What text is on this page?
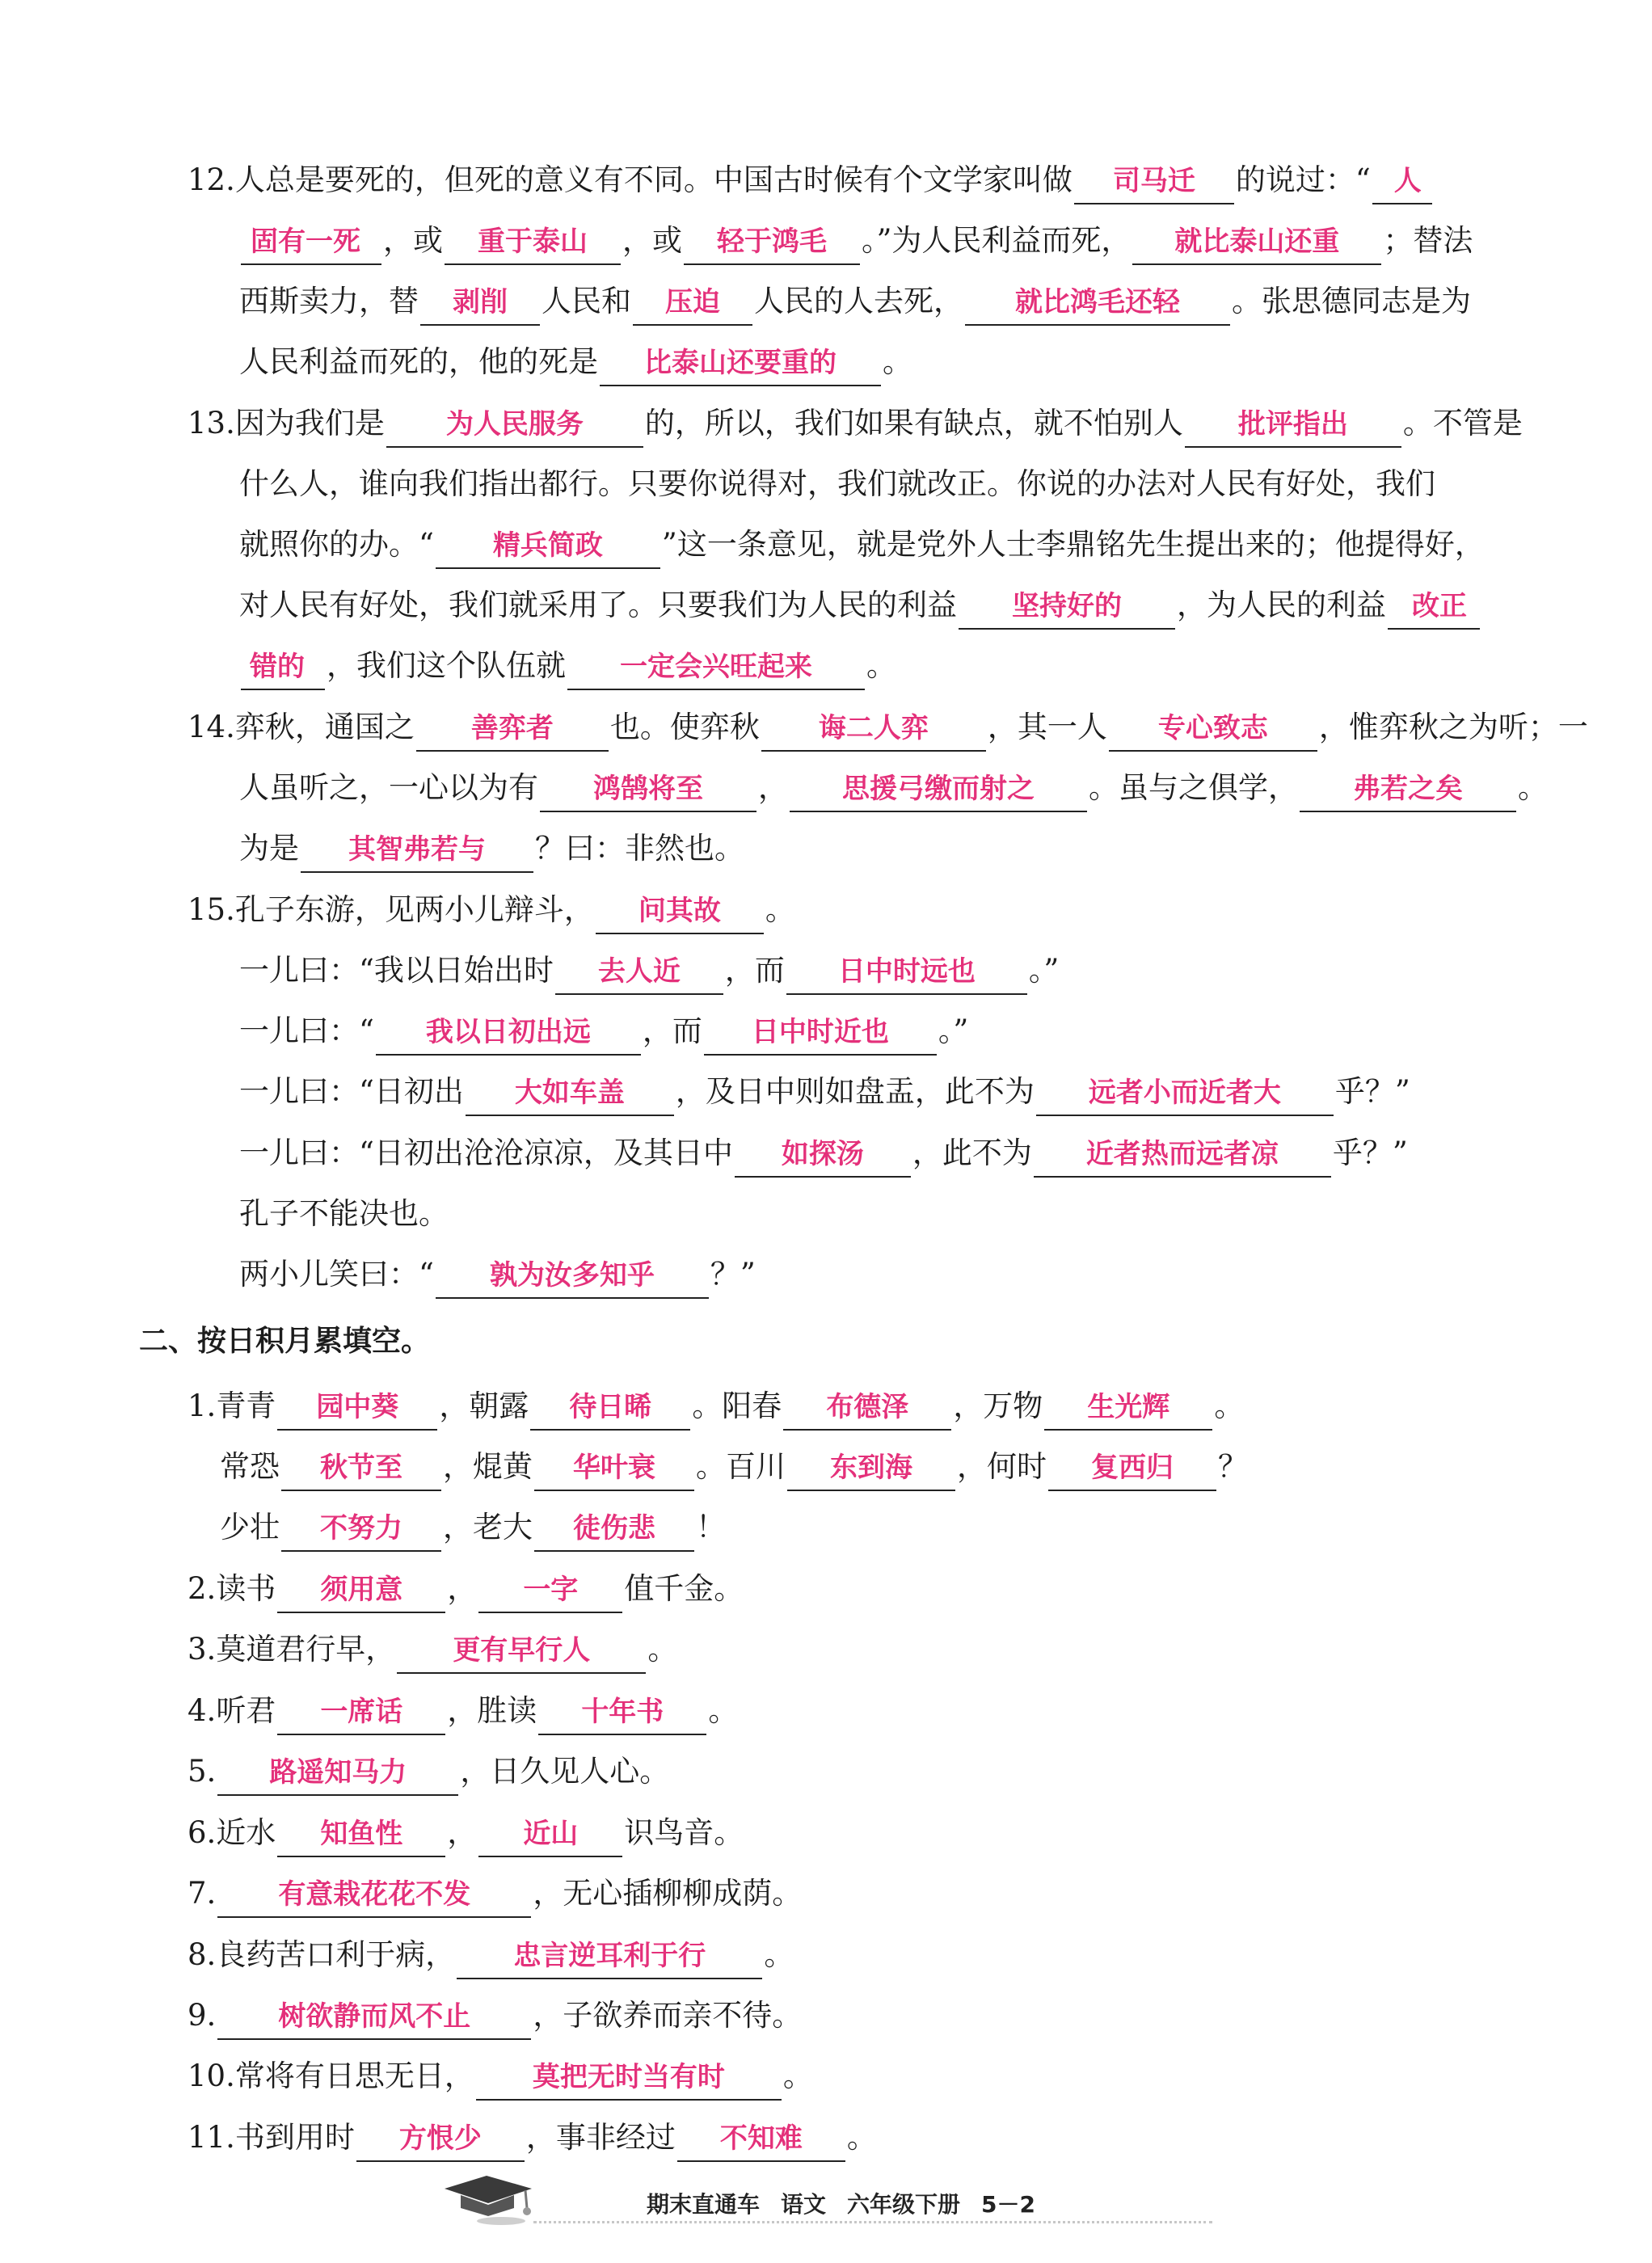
12.人总是要死的，但死的意义有不同。中国古时候有个文学家叫做 司马迁 的说过：“ 人
固有一死 ，或 重于泰山 ，或 轻于鸿毛 。”为人民利益而死， 就比泰山还重 ；替法
西斯卖力，替 剥削 人民和 压迫 人民的人去死， 就比鸿毛还轻 。张思德同志是为
人民利益而死的，他的死是 比泰山还要重的 。
13.因为我们是 为人民服务 的，所以，我们如果有缺点，就不怕别人 批评指出 。不管是
什么人，谁向我们指出都行。只要你说得对，我们就改正。你说的办法对人民有好处，我们
就照你的办。“ 精兵简政 ”这一条意见，就是党外人士李鼎铭先生提出来的；他提得好，
对人民有好处，我们就采用了。只要我们为人民的利益 坚持好的 ，为人民的利益 改正
错的 ，我们这个队伍就 一定会兴旺起来 。
14.弈秋，通国之 善弈者 也。使弈秋 诲二人弈 ，其一人 专心致志 ，惟弈秋之为听；一
人虽听之，一心以为有 鸿鹄将至 ， 思援弓缴而射之 。虽与之俱学， 弗若之矣 。
为是 其智弗若与 ？曰：非然也。
15.孔子东游，见两小儿辩斗， 问其故 。
一儿曰：“我以日始出时 去人近 ，而 日中时远也 。”
一儿曰：“ 我以日初出远 ，而 日中时近也 。”
一儿曰：“日初出 大如车盖 ，及日中则如盘盂，此不为 远者小而近者大 乎？”
一儿曰：“日初出沧沧凉凉，及其日中 如探汤 ，此不为 近者热而远者凉 乎？”
孔子不能决也。
两小儿笑曰：“ 孰为汝多知乎 ？”
二、按日积月累填空。
1.青青 园中葵 ，朝露 待日晞 。阳春 布德泽 ，万物 生光辉 。
常恐 秋节至 ，焜黄 华叶衰 。百川 东到海 ，何时 复西归 ？
少壮 不努力 ，老大 徒伤悲 ！
2.读书 须用意 ， 一字 值千金。
3.莫道君行早， 更有早行人 。
4.听君 一席话 ，胜读 十年书 。
5. 路遥知马力 ，日久见人心。
6.近水 知鱼性 ， 近山 识鸟音。
7. 有意栽花花不发 ，无心插柳柳成荫。
8.良药苦口利于病， 忠言逆耳利于行 。
9. 树欲静而风不止 ，子欲养而亲不待。
10.常将有日思无日， 莫把无时当有时 。
11.书到用时 方恨少 ，事非经过 不知难 。
期末直通车 语文 六年级下册 5－2
